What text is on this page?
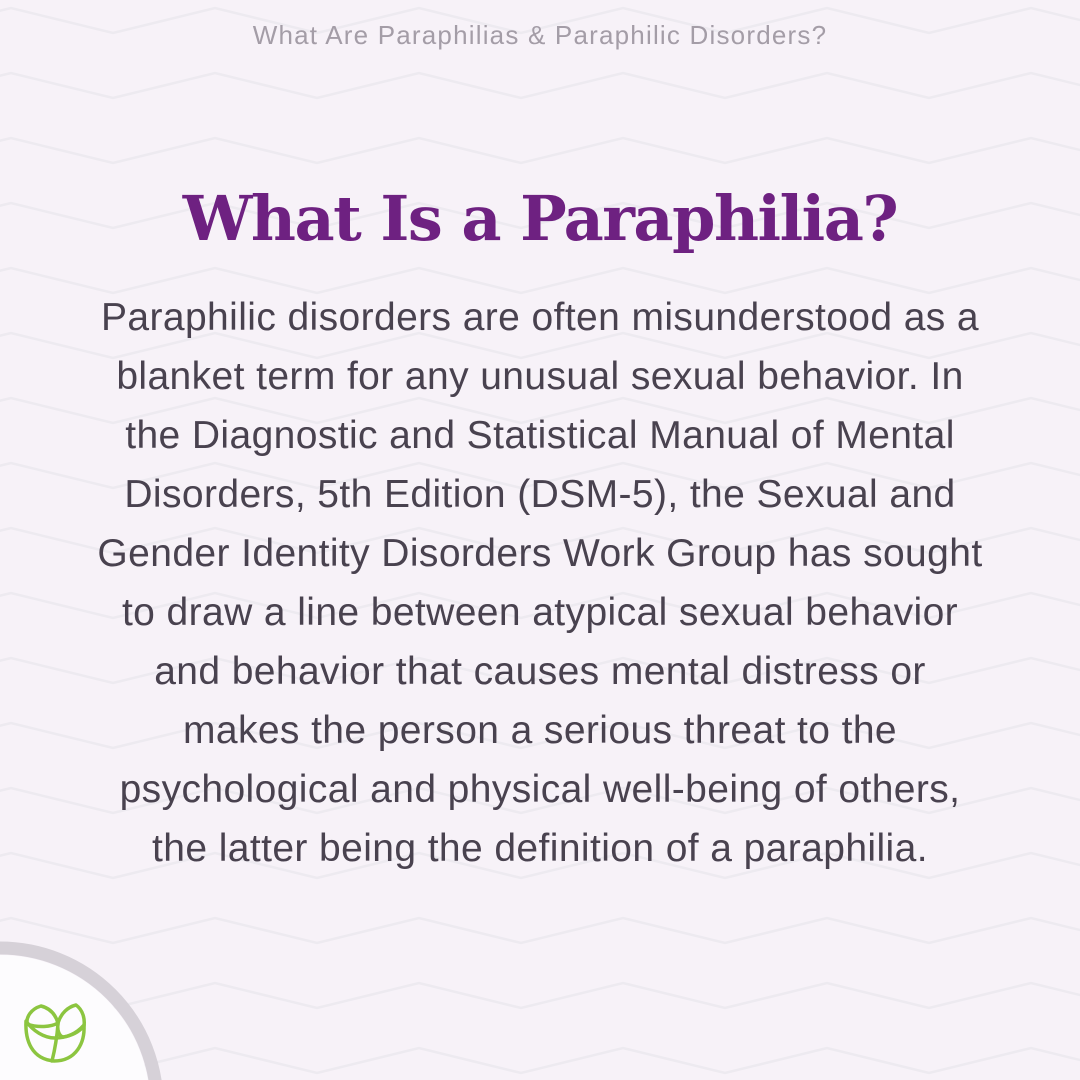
What Are Paraphilias & Paraphilic Disorders?
What Is a Paraphilia?
Paraphilic disorders are often misunderstood as a
blanket term for any unusual sexual behavior. In
the Diagnostic and Statistical Manual of Mental
Disorders, 5th Edition (DSM-5), the Sexual and
Gender Identity Disorders Work Group has sought
to draw a line between atypical sexual behavior
and behavior that causes mental distress or
makes the person a serious threat to the
psychological and physical well-being of others,
the latter being the definition of a paraphilia.
